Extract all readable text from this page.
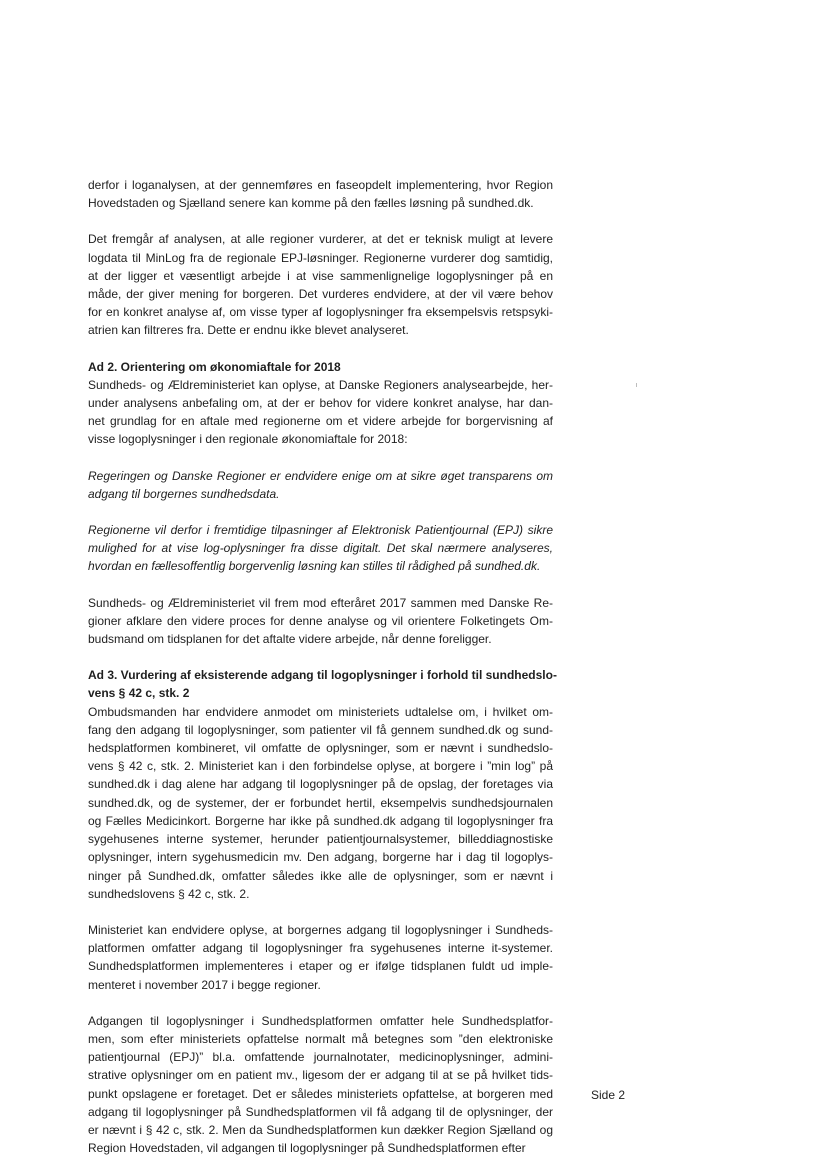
derfor i loganalysen, at der gennemføres en faseopdelt implementering, hvor Region
Hovedstaden og Sjælland senere kan komme på den fælles løsning på sundhed.dk.
Det fremgår af analysen, at alle regioner vurderer, at det er teknisk muligt at levere
logdata til MinLog fra de regionale EPJ-løsninger. Regionerne vurderer dog samtidig,
at der ligger et væsentligt arbejde i at vise sammenlignelige logoplysninger på en
måde, der giver mening for borgeren. Det vurderes endvidere, at der vil være behov
for en konkret analyse af, om visse typer af logoplysninger fra eksempelsvis retspsyki-
atrien kan filtreres fra. Dette er endnu ikke blevet analyseret.
Ad 2. Orientering om økonomiaftale for 2018
Sundheds- og Ældreministeriet kan oplyse, at Danske Regioners analysearbejde, her-
under analysens anbefaling om, at der er behov for videre konkret analyse, har dan-
net grundlag for en aftale med regionerne om et videre arbejde for borgervisning af
visse logoplysninger i den regionale økonomiaftale for 2018:
Regeringen og Danske Regioner er endvidere enige om at sikre øget transparens om
adgang til borgernes sundhedsdata.
Regionerne vil derfor i fremtidige tilpasninger af Elektronisk Patientjournal (EPJ) sikre
mulighed for at vise log-oplysninger fra disse digitalt. Det skal nærmere analyseres,
hvordan en fællesoffentlig borgervenlig løsning kan stilles til rådighed på sundhed.dk.
Sundheds- og Ældreministeriet vil frem mod efteråret 2017 sammen med Danske Re-
gioner afklare den videre proces for denne analyse og vil orientere Folketingets Om-
budsmand om tidsplanen for det aftalte videre arbejde, når denne foreligger.
Ad 3. Vurdering af eksisterende adgang til logoplysninger i forhold til sundhedslo-
vens § 42 c, stk. 2
Ombudsmanden har endvidere anmodet om ministeriets udtalelse om, i hvilket om-
fang den adgang til logoplysninger, som patienter vil få gennem sundhed.dk og sund-
hedsplatformen kombineret, vil omfatte de oplysninger, som er nævnt i sundhedslo-
vens § 42 c, stk. 2. Ministeriet kan i den forbindelse oplyse, at borgere i ”min log” på
sundhed.dk i dag alene har adgang til logoplysninger på de opslag, der foretages via
sundhed.dk, og de systemer, der er forbundet hertil, eksempelvis sundhedsjournalen
og Fælles Medicinkort. Borgerne har ikke på sundhed.dk adgang til logoplysninger fra
sygehusenes interne systemer, herunder patientjournalsystemer, billeddiagnostiske
oplysninger, intern sygehusmedicin mv. Den adgang, borgerne har i dag til logoplys-
ninger på Sundhed.dk, omfatter således ikke alle de oplysninger, som er nævnt i
sundhedslovens § 42 c, stk. 2.
Ministeriet kan endvidere oplyse, at borgernes adgang til logoplysninger i Sundheds-
platformen omfatter adgang til logoplysninger fra sygehusenes interne it-systemer.
Sundhedsplatformen implementeres i etaper og er ifølge tidsplanen fuldt ud imple-
menteret i november 2017 i begge regioner.
Adgangen til logoplysninger i Sundhedsplatformen omfatter hele Sundhedsplatfor-
men, som efter ministeriets opfattelse normalt må betegnes som ”den elektroniske
patientjournal (EPJ)” bl.a. omfattende journalnotater, medicinoplysninger, admini-
strative oplysninger om en patient mv., ligesom der er adgang til at se på hvilket tids-
punkt opslagene er foretaget. Det er således ministeriets opfattelse, at borgeren med
adgang til logoplysninger på Sundhedsplatformen vil få adgang til de oplysninger, der
er nævnt i § 42 c, stk. 2. Men da Sundhedsplatformen kun dækker Region Sjælland og
Region Hovedstaden, vil adgangen til logoplysninger på Sundhedsplatformen efter
Side 2
